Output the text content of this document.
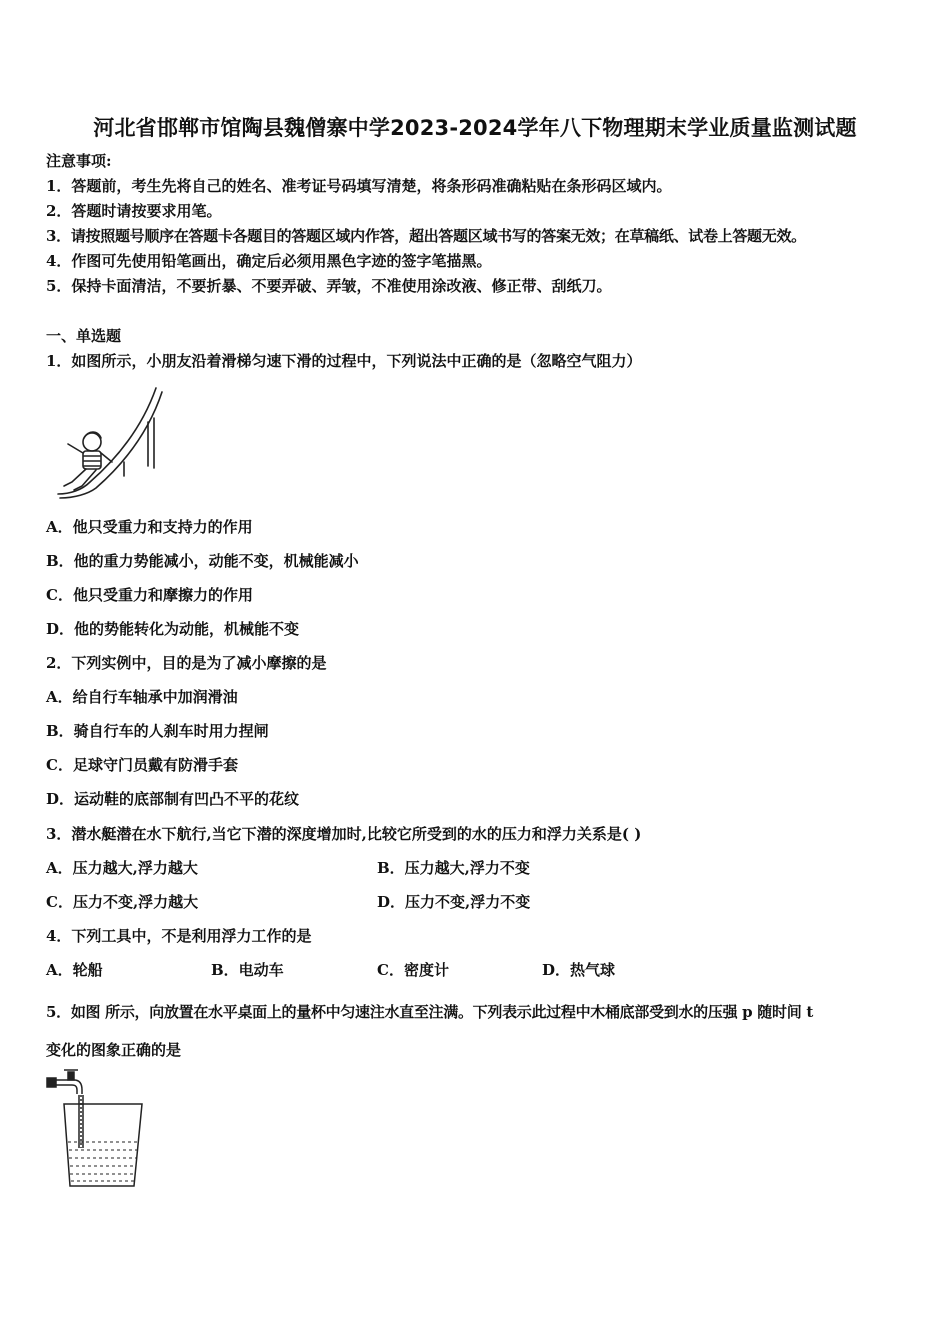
河北省邯郸市馆陶县魏僧寨中学2023-2024学年八下物理期末学业质量监测试题
注意事项:
1．答题前，考生先将自己的姓名、准考证号码填写清楚，将条形码准确粘贴在条形码区域内。
2．答题时请按要求用笔。
3．请按照题号顺序在答题卡各题目的答题区域内作答，超出答题区域书写的答案无效；在草稿纸、试卷上答题无效。
4．作图可先使用铅笔画出，确定后必须用黑色字迹的签字笔描黑。
5．保持卡面清洁，不要折暴、不要弄破、弄皱，不准使用涂改液、修正带、刮纸刀。
一、单选题
1．如图所示，小朋友沿着滑梯匀速下滑的过程中，下列说法中正确的是（忽略空气阻力）
A．他只受重力和支持力的作用
B．他的重力势能减小，动能不变，机械能减小
C．他只受重力和摩擦力的作用
D．他的势能转化为动能，机械能不变
2．下列实例中，目的是为了减小摩擦的是
A．给自行车轴承中加润滑油
B．骑自行车的人刹车时用力捏闸
C．足球守门员戴有防滑手套
D．运动鞋的底部制有凹凸不平的花纹
3．潜水艇潜在水下航行,当它下潜的深度增加时,比较它所受到的水的压力和浮力关系是( )
A．压力越大,浮力越大	B．压力越大,浮力不变
C．压力不变,浮力越大	D．压力不变,浮力不变
4．下列工具中，不是利用浮力工作的是
A．轮船	B．电动车	C．密度计	D．热气球
5．如图 所示，向放置在水平桌面上的量杯中匀速注水直至注满。下列表示此过程中木桶底部受到水的压强 p 随时间 t
变化的图象正确的是
